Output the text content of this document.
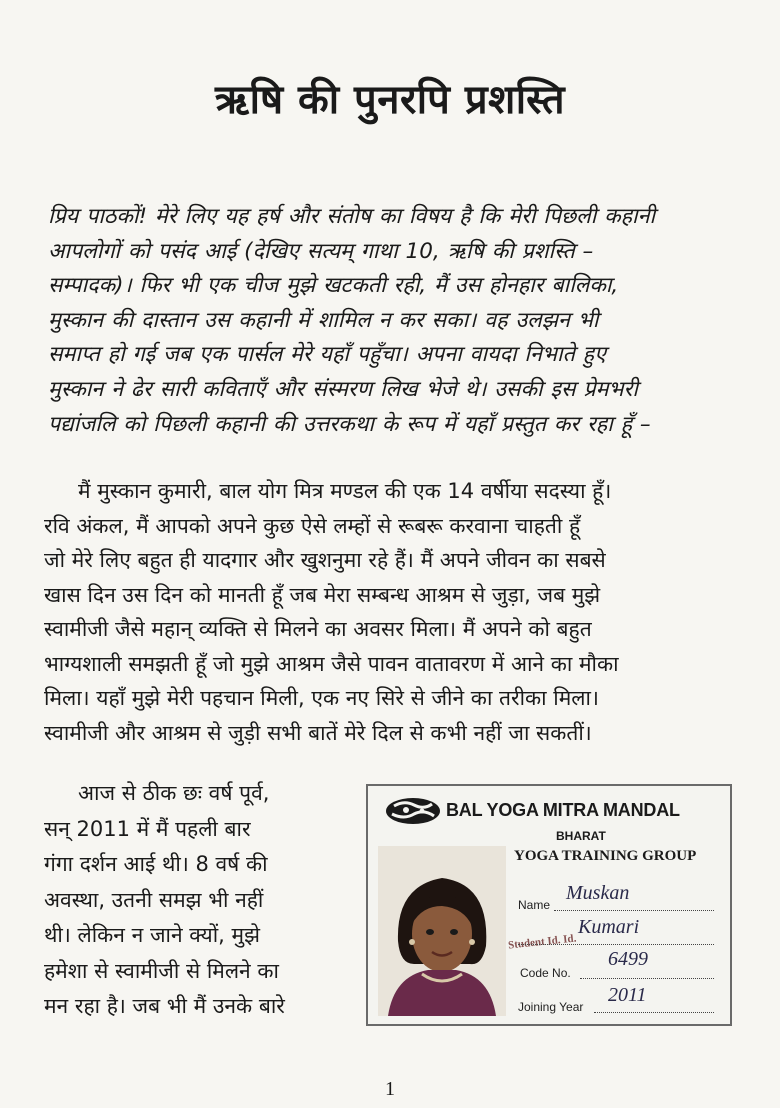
ऋषि की पुनरपि प्रशस्ति
प्रिय पाठकों! मेरे लिए यह हर्ष और संतोष का विषय है कि मेरी पिछली कहानी
आपलोगों को पसंद आई (देखिए सत्यम् गाथा 10, ऋषि की प्रशस्ति –
सम्पादक)। फिर भी एक चीज मुझे खटकती रही, मैं उस होनहार बालिका,
मुस्कान की दास्तान उस कहानी में शामिल न कर सका। वह उलझन भी
समाप्त हो गई जब एक पार्सल मेरे यहाँ पहुँचा। अपना वायदा निभाते हुए
मुस्कान ने ढेर सारी कविताएँ और संस्मरण लिख भेजे थे। उसकी इस प्रेमभरी
पद्यांजलि को पिछली कहानी की उत्तरकथा के रूप में यहाँ प्रस्तुत कर रहा हूँ –
मैं मुस्कान कुमारी, बाल योग मित्र मण्डल की एक 14 वर्षीया सदस्या हूँ।
रवि अंकल, मैं आपको अपने कुछ ऐसे लम्हों से रूबरू करवाना चाहती हूँ
जो मेरे लिए बहुत ही यादगार और खुशनुमा रहे हैं। मैं अपने जीवन का सबसे
खास दिन उस दिन को मानती हूँ जब मेरा सम्बन्ध आश्रम से जुड़ा, जब मुझे
स्वामीजी जैसे महान् व्यक्ति से मिलने का अवसर मिला। मैं अपने को बहुत
भाग्यशाली समझती हूँ जो मुझे आश्रम जैसे पावन वातावरण में आने का मौका
मिला। यहाँ मुझे मेरी पहचान मिली, एक नए सिरे से जीने का तरीका मिला।
स्वामीजी और आश्रम से जुड़ी सभी बातें मेरे दिल से कभी नहीं जा सकतीं।
आज से ठीक छः वर्ष पूर्व,
सन् 2011 में मैं पहली बार
गंगा दर्शन आई थी। 8 वर्ष की
अवस्था, उतनी समझ भी नहीं
थी। लेकिन न जाने क्यों, मुझे
हमेशा से स्वामीजी से मिलने का
मन रहा है। जब भी मैं उनके बारे
BAL YOGA MITRA MANDAL
BHARAT
YOGA TRAINING GROUP
Student Id. Id.
Name
Muskan
Kumari
Code No.
6499
Joining Year
2011
1
